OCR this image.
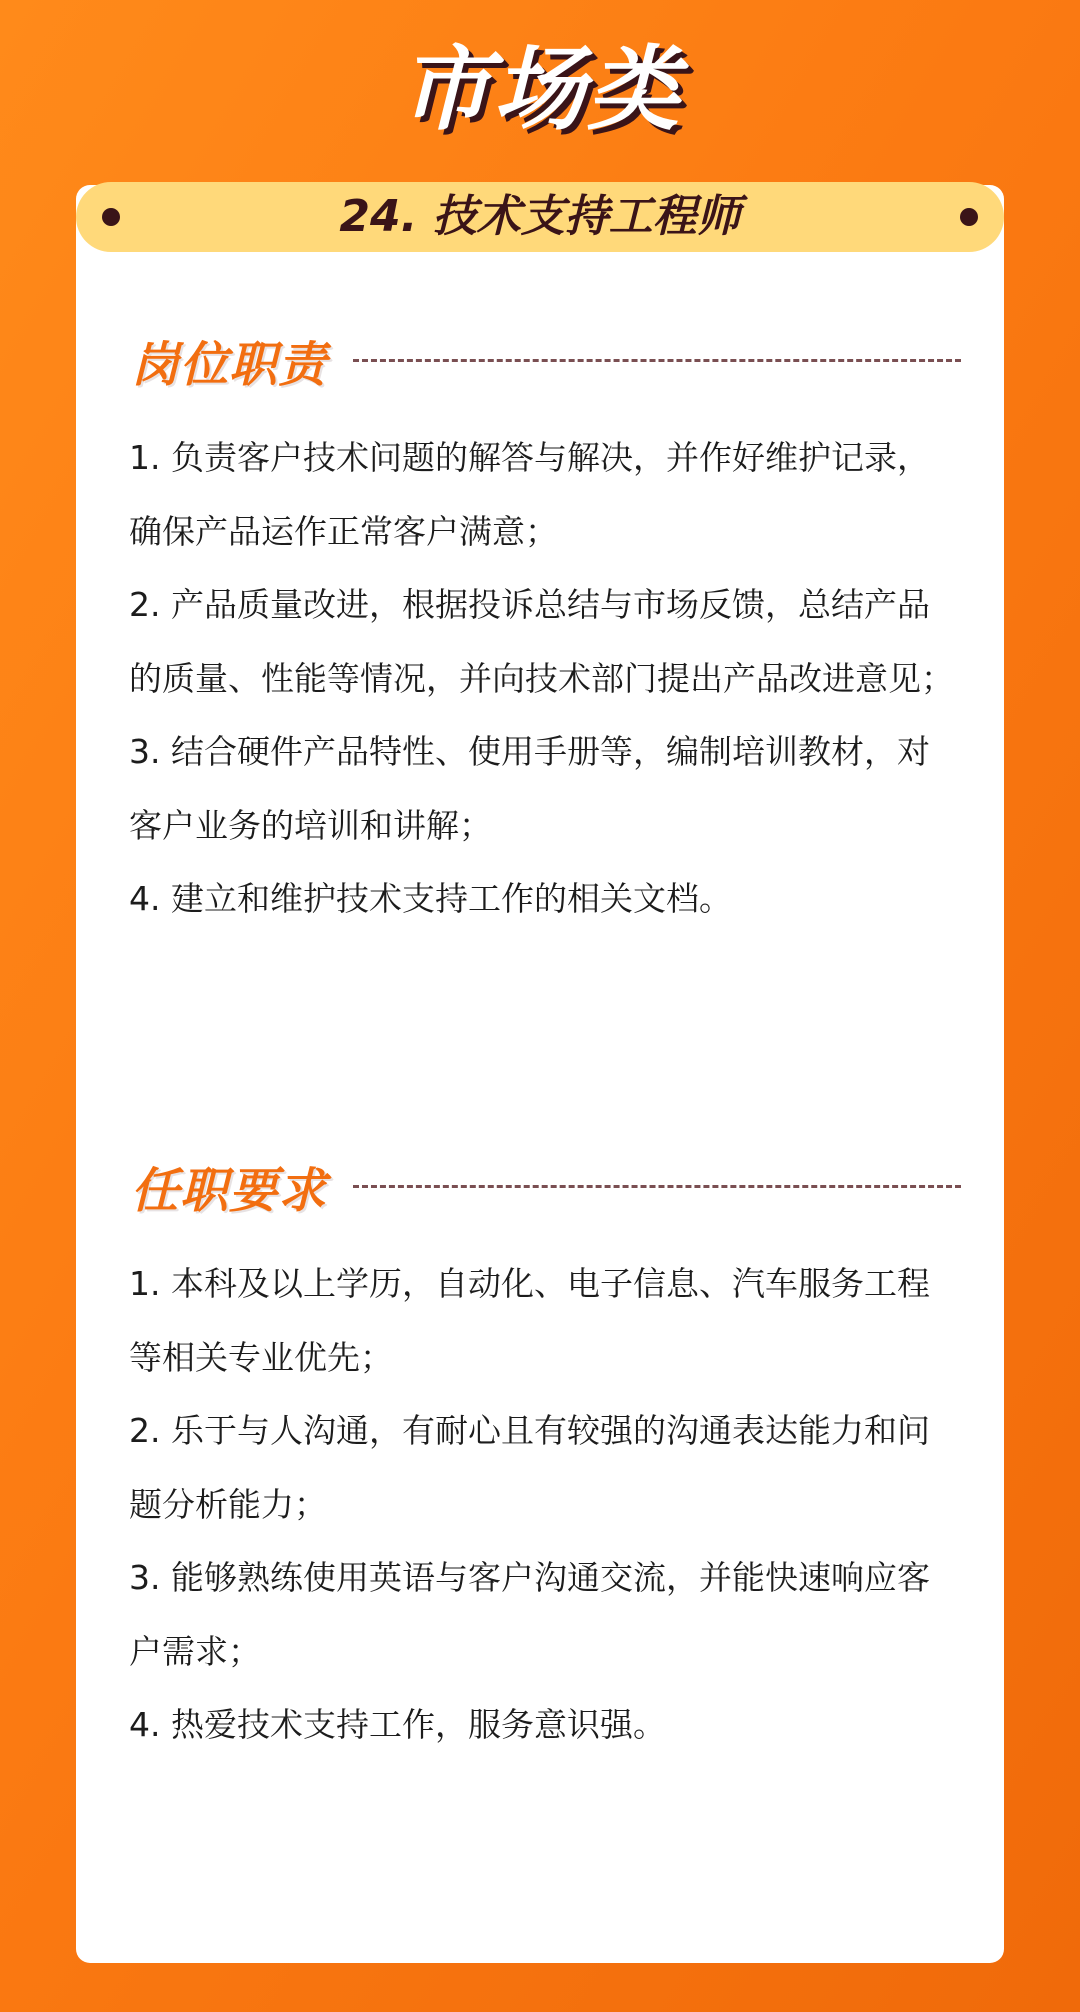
市场类
24. 技术支持工程师
岗位职责
1. 负责客户技术问题的解答与解决，并作好维护记录，确保产品运作正常客户满意；
2. 产品质量改进，根据投诉总结与市场反馈，总结产品的质量、性能等情况，并向技术部门提出产品改进意见；
3. 结合硬件产品特性、使用手册等，编制培训教材，对客户业务的培训和讲解；
4. 建立和维护技术支持工作的相关文档。
任职要求
1. 本科及以上学历，自动化、电子信息、汽车服务工程等相关专业优先；
2. 乐于与人沟通，有耐心且有较强的沟通表达能力和问题分析能力；
3. 能够熟练使用英语与客户沟通交流，并能快速响应客户需求；
4. 热爱技术支持工作，服务意识强。
